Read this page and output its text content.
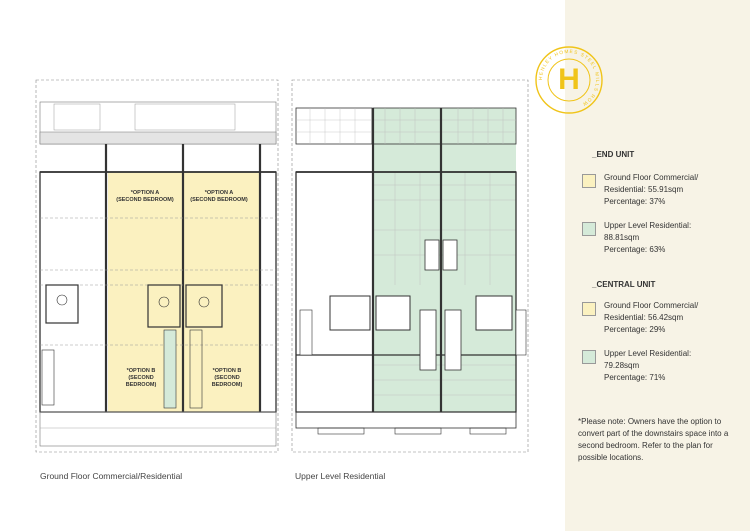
*OPTION A
(SECOND BEDROOM)
*OPTION A
(SECOND BEDROOM)
*OPTION B
(SECOND
BEDROOM)
*OPTION B
(SECOND
BEDROOM)
Ground Floor Commercial/Residential	Upper Level Residential
HENLEY HOMES STEEL MILLS ROW
H
_END UNIT
Ground Floor Commercial/
Residential: 55.91sqm
Percentage: 37%
Upper Level Residential:
88.81sqm
Percentage: 63%
_CENTRAL UNIT
Ground Floor Commercial/
Residential: 56.42sqm
Percentage: 29%
Upper Level Residential:
79.28sqm
Percentage: 71%
*Please note: Owners have the option to convert part of the downstairs space into a second bedroom. Refer to the plan for possible locations.
